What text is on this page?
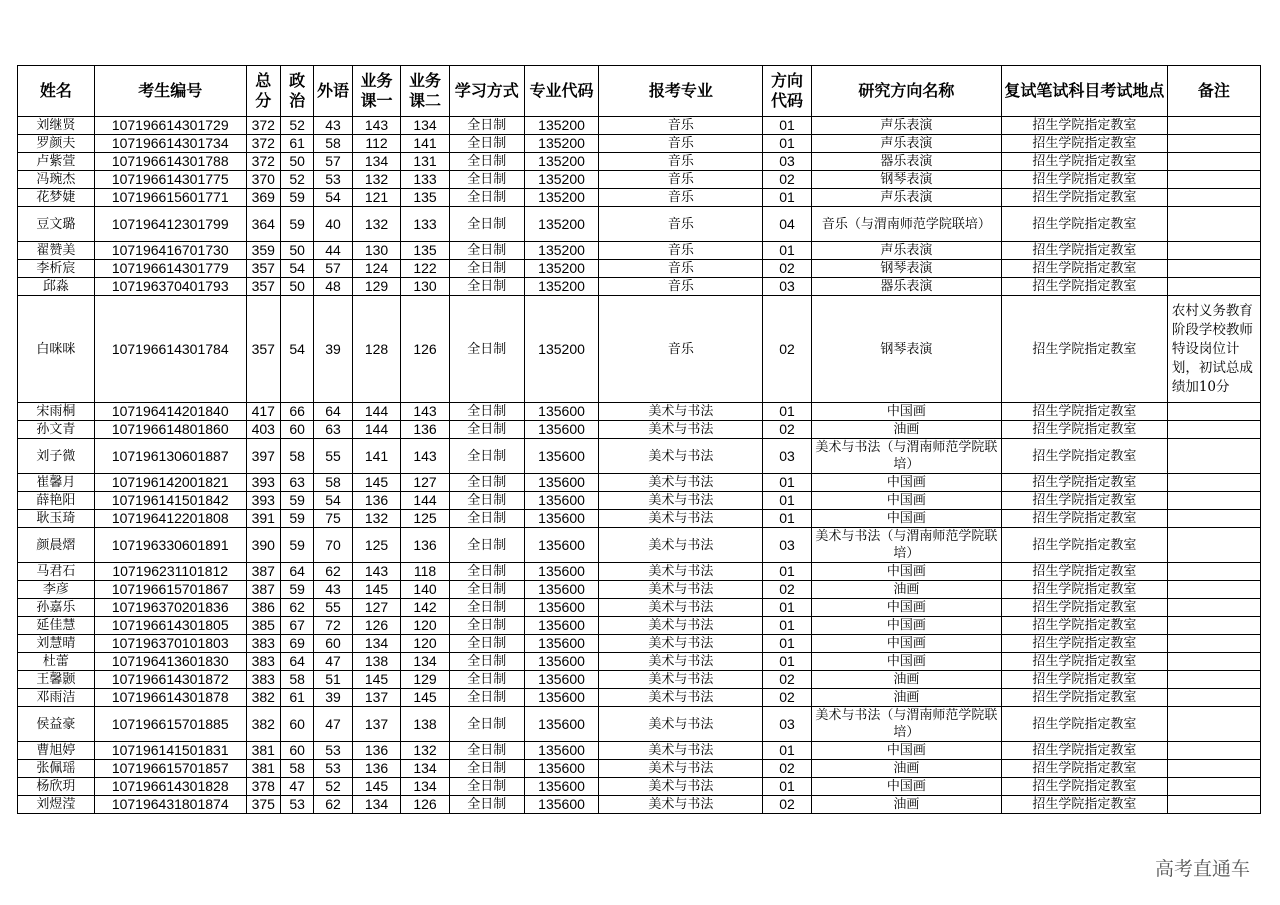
姓名	考生编号	总分	政治	外语	业务课一	业务课二	学习方式	专业代码	报考专业	方向代码	研究方向名称	复试笔试科目考试地点	备注
刘继贤	107196614301729	372	52	43	143	134	全日制	135200	音乐	01	声乐表演	招生学院指定教室	
罗颜夫	107196614301734	372	61	58	112	141	全日制	135200	音乐	01	声乐表演	招生学院指定教室	
卢紫萱	107196614301788	372	50	57	134	131	全日制	135200	音乐	03	器乐表演	招生学院指定教室	
冯琬杰	107196614301775	370	52	53	132	133	全日制	135200	音乐	02	钢琴表演	招生学院指定教室	
花梦婕	107196615601771	369	59	54	121	135	全日制	135200	音乐	01	声乐表演	招生学院指定教室	
豆文璐	107196412301799	364	59	40	132	133	全日制	135200	音乐	04	音乐（与渭南师范学院联培）	招生学院指定教室	
翟赞美	107196416701730	359	50	44	130	135	全日制	135200	音乐	01	声乐表演	招生学院指定教室	
李析宸	107196614301779	357	54	57	124	122	全日制	135200	音乐	02	钢琴表演	招生学院指定教室	
邱淼	107196370401793	357	50	48	129	130	全日制	135200	音乐	03	器乐表演	招生学院指定教室	
白咪咪	107196614301784	357	54	39	128	126	全日制	135200	音乐	02	钢琴表演	招生学院指定教室	农村义务教育阶段学校教师特设岗位计划，初试总成绩加10分
宋雨桐	107196414201840	417	66	64	144	143	全日制	135600	美术与书法	01	中国画	招生学院指定教室	
孙文青	107196614801860	403	60	63	144	136	全日制	135600	美术与书法	02	油画	招生学院指定教室	
刘子微	107196130601887	397	58	55	141	143	全日制	135600	美术与书法	03	美术与书法（与渭南师范学院联培）	招生学院指定教室	
崔馨月	107196142001821	393	63	58	145	127	全日制	135600	美术与书法	01	中国画	招生学院指定教室	
薛艳阳	107196141501842	393	59	54	136	144	全日制	135600	美术与书法	01	中国画	招生学院指定教室	
耿玉琦	107196412201808	391	59	75	132	125	全日制	135600	美术与书法	01	中国画	招生学院指定教室	
颜晨熠	107196330601891	390	59	70	125	136	全日制	135600	美术与书法	03	美术与书法（与渭南师范学院联培）	招生学院指定教室	
马君石	107196231101812	387	64	62	143	118	全日制	135600	美术与书法	01	中国画	招生学院指定教室	
李彦	107196615701867	387	59	43	145	140	全日制	135600	美术与书法	02	油画	招生学院指定教室	
孙嘉乐	107196370201836	386	62	55	127	142	全日制	135600	美术与书法	01	中国画	招生学院指定教室	
延佳慧	107196614301805	385	67	72	126	120	全日制	135600	美术与书法	01	中国画	招生学院指定教室	
刘慧晴	107196370101803	383	69	60	134	120	全日制	135600	美术与书法	01	中国画	招生学院指定教室	
杜蕾	107196413601830	383	64	47	138	134	全日制	135600	美术与书法	01	中国画	招生学院指定教室	
王馨颢	107196614301872	383	58	51	145	129	全日制	135600	美术与书法	02	油画	招生学院指定教室	
邓雨洁	107196614301878	382	61	39	137	145	全日制	135600	美术与书法	02	油画	招生学院指定教室	
侯益豪	107196615701885	382	60	47	137	138	全日制	135600	美术与书法	03	美术与书法（与渭南师范学院联培）	招生学院指定教室	
曹旭婷	107196141501831	381	60	53	136	132	全日制	135600	美术与书法	01	中国画	招生学院指定教室	
张佩瑶	107196615701857	381	58	53	136	134	全日制	135600	美术与书法	02	油画	招生学院指定教室	
杨欣玥	107196614301828	378	47	52	145	134	全日制	135600	美术与书法	01	中国画	招生学院指定教室	
刘煜滢	107196431801874	375	53	62	134	126	全日制	135600	美术与书法	02	油画	招生学院指定教室	
高考直通车
